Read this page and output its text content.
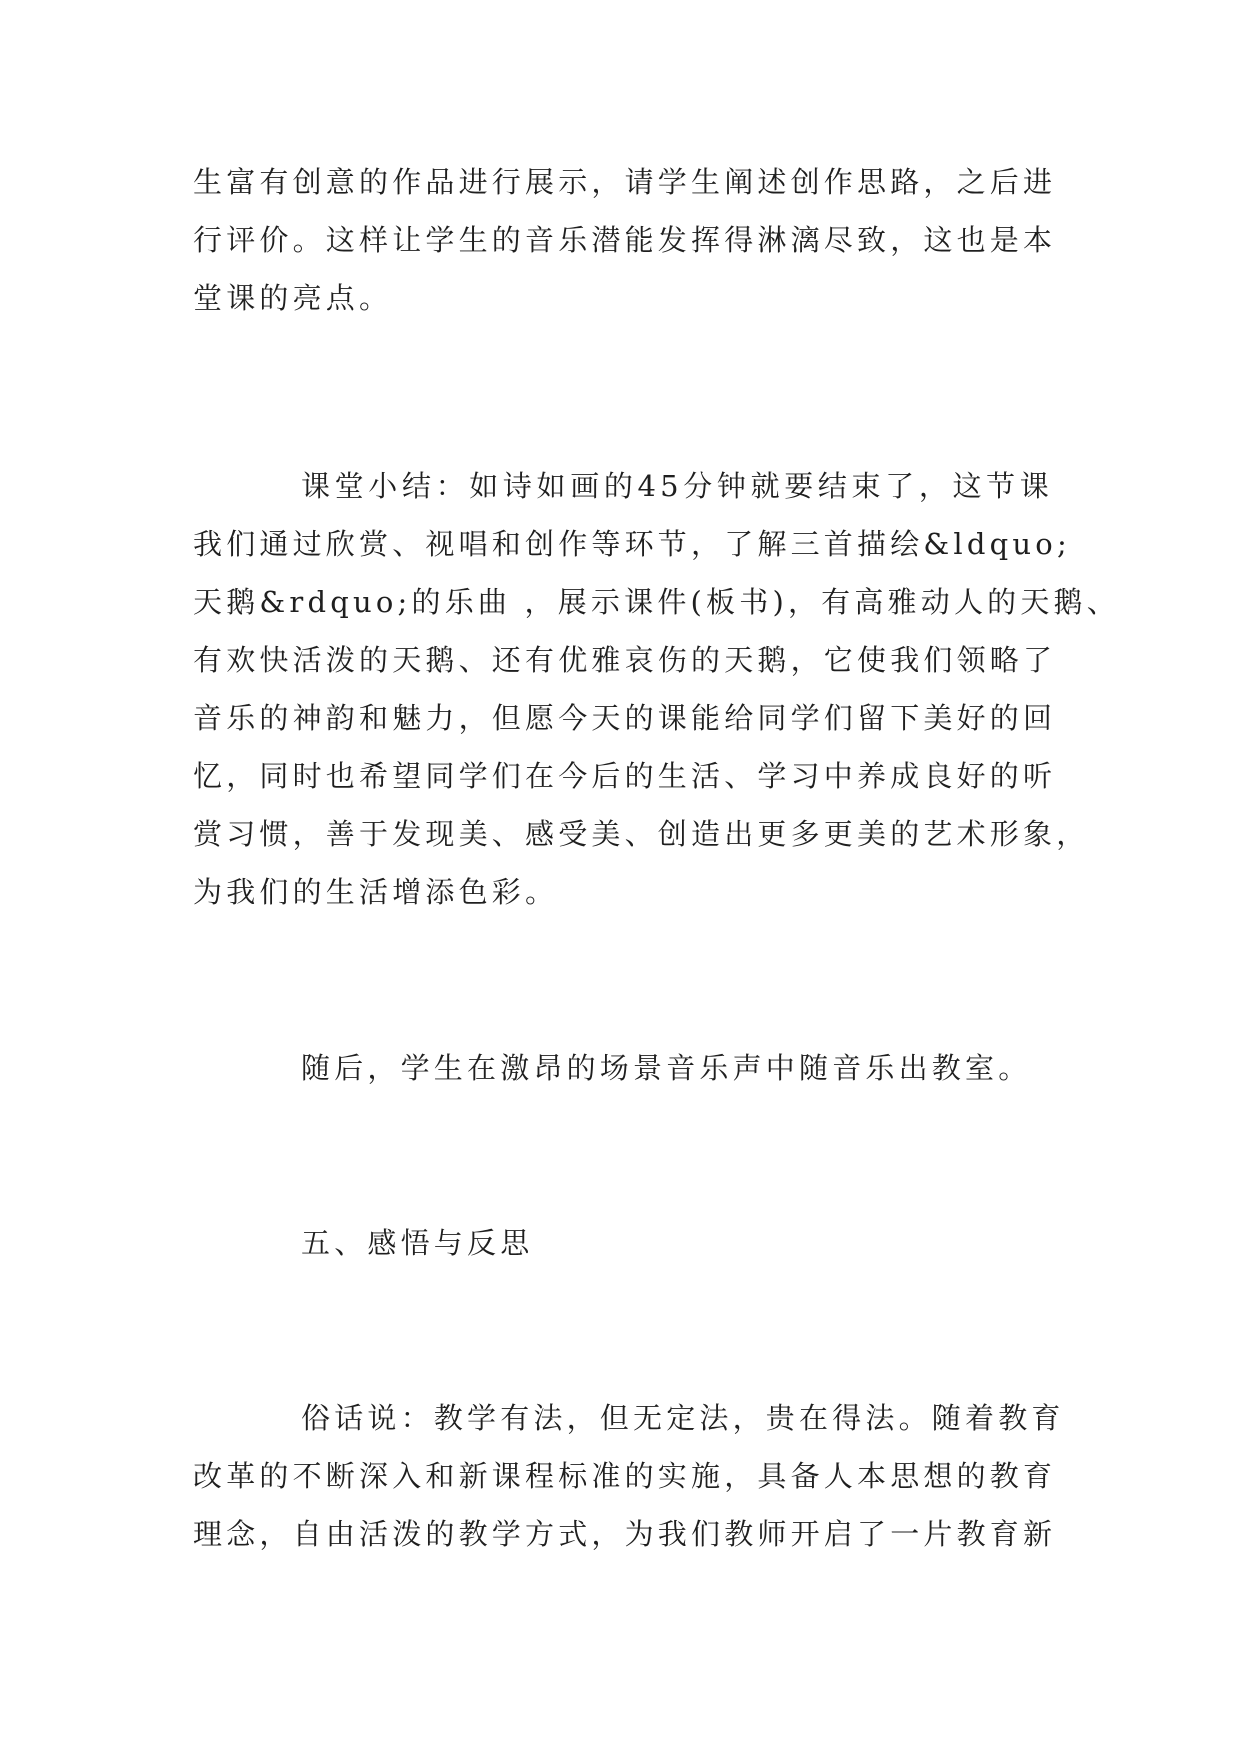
生富有创意的作品进行展示，请学生阐述创作思路，之后进
行评价。这样让学生的音乐潜能发挥得淋漓尽致，这也是本
堂课的亮点。
课堂小结：如诗如画的45分钟就要结束了，这节课
我们通过欣赏、视唱和创作等环节，了解三首描绘&ldquo;
天鹅&rdquo;的乐曲 ，展示课件(板书)，有高雅动人的天鹅、
有欢快活泼的天鹅、还有优雅哀伤的天鹅，它使我们领略了
音乐的神韵和魅力，但愿今天的课能给同学们留下美好的回
忆，同时也希望同学们在今后的生活、学习中养成良好的听
赏习惯，善于发现美、感受美、创造出更多更美的艺术形象，
为我们的生活增添色彩。
随后，学生在激昂的场景音乐声中随音乐出教室。
五、感悟与反思
俗话说：教学有法，但无定法，贵在得法。随着教育
改革的不断深入和新课程标准的实施，具备人本思想的教育
理念，自由活泼的教学方式，为我们教师开启了一片教育新
